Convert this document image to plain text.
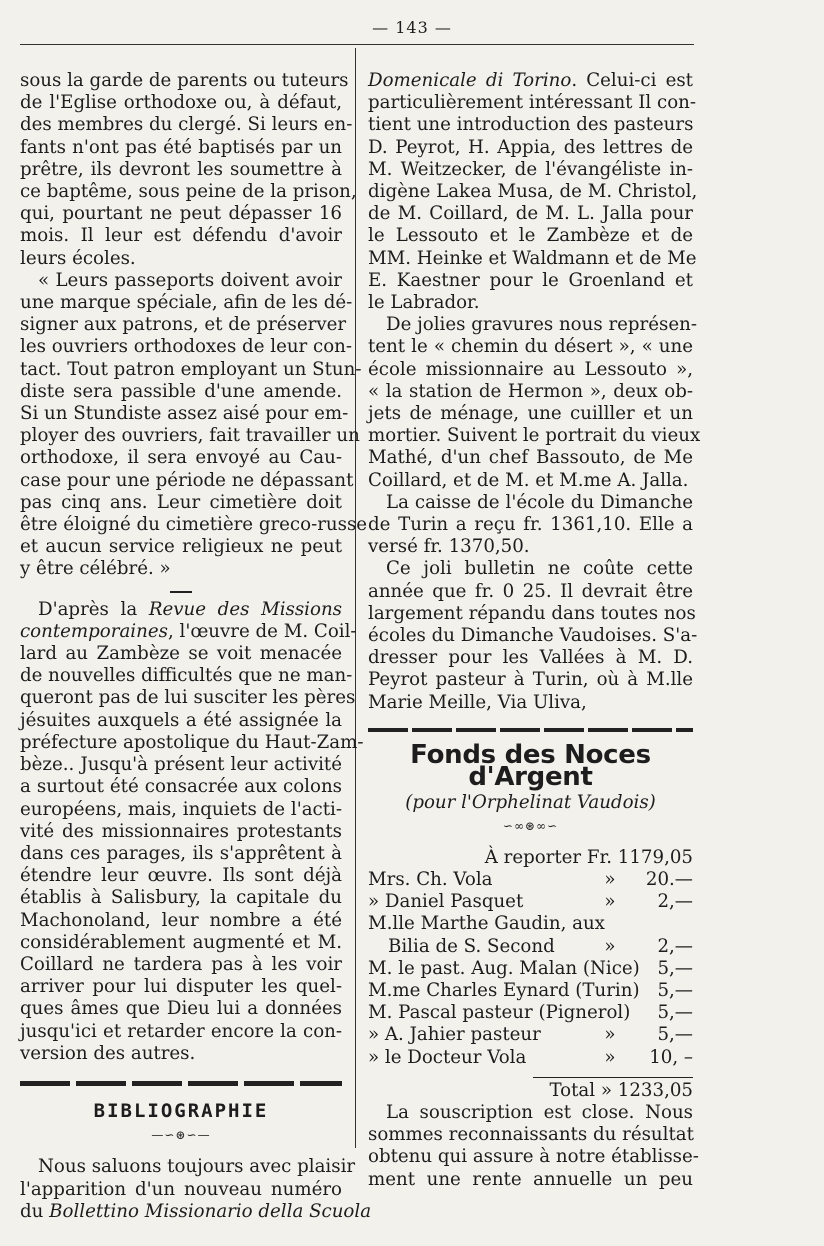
— 143 —
sous la garde de parents ou tuteurs
de l'Eglise orthodoxe ou, à défaut,
des membres du clergé. Si leurs en-
fants n'ont pas été baptisés par un
prêtre, ils devront les soumettre à
ce baptême, sous peine de la prison,
qui, pourtant ne peut dépasser 16
mois. Il leur est défendu d'avoir
leurs écoles.
« Leurs passeports doivent avoir
une marque spéciale, afin de les dé-
signer aux patrons, et de préserver
les ouvriers orthodoxes de leur con-
tact. Tout patron employant un Stun-
diste sera passible d'une amende.
Si un Stundiste assez aisé pour em-
ployer des ouvriers, fait travailler un
orthodoxe, il sera envoyé au Cau-
case pour une période ne dépassant
pas cinq ans. Leur cimetière doit
être éloigné du cimetière greco-russe
et aucun service religieux ne peut
y être célébré. »
D'après la Revue des Missions
contemporaines, l'œuvre de M. Coil-
lard au Zambèze se voit menacée
de nouvelles difficultés que ne man-
queront pas de lui susciter les pères
jésuites auxquels a été assignée la
préfecture apostolique du Haut-Zam-
bèze.. Jusqu'à présent leur activité
a surtout été consacrée aux colons
européens, mais, inquiets de l'acti-
vité des missionnaires protestants
dans ces parages, ils s'apprêtent à
étendre leur œuvre. Ils sont déjà
établis à Salisbury, la capitale du
Machonoland, leur nombre a été
considérablement augmenté et M.
Coillard ne tardera pas à les voir
arriver pour lui disputer les quel-
ques âmes que Dieu lui a données
jusqu'ici et retarder encore la con-
version des autres.
BIBLIOGRAPHIE
—∽⊛∽—
Nous saluons toujours avec plaisir
l'apparition d'un nouveau numéro
du Bollettino Missionario della Scuola
Domenicale di Torino. Celui-ci est
particulièrement intéressant Il con-
tient une introduction des pasteurs
D. Peyrot, H. Appia, des lettres de
M. Weitzecker, de l'évangéliste in-
digène Lakea Musa, de M. Christol,
de M. Coillard, de M. L. Jalla pour
le Lessouto et le Zambèze et de
MM. Heinke et Waldmann et de Me
E. Kaestner pour le Groenland et
le Labrador.
De jolies gravures nous représen-
tent le « chemin du désert », « une
école missionnaire au Lessouto »,
« la station de Hermon », deux ob-
jets de ménage, une cuilller et un
mortier. Suivent le portrait du vieux
Mathé, d'un chef Bassouto, de Me
Coillard, et de M. et M.me A. Jalla.
La caisse de l'école du Dimanche
de Turin a reçu fr. 1361,10. Elle a
versé fr. 1370,50.
Ce joli bulletin ne coûte cette
année que fr. 0 25. Il devrait être
largement répandu dans toutes nos
écoles du Dimanche Vaudoises. S'a-
dresser pour les Vallées à M. D.
Peyrot pasteur à Turin, où à M.lle
Marie Meille, Via Uliva,
Fonds des Noces d'Argent
(pour l'Orphelinat Vaudois)
∽∞⊛∞∽
À reporter Fr. 1179,05
Mrs. Ch. Vola	»	20.—
» Daniel Pasquet	»	2,—
M.lle Marthe Gaudin, aux
Bilia de S. Second	»	2,—
M. le past. Aug. Malan (Nice) 5,—
M.me Charles Eynard (Turin) 5,—
M. Pascal pasteur (Pignerol) 5,—
» A. Jahier pasteur	»	5,—
» le Docteur Vola	»	10, –
Total » 1233,05
La souscription est close. Nous
sommes reconnaissants du résultat
obtenu qui assure à notre établisse-
ment une rente annuelle un peu
